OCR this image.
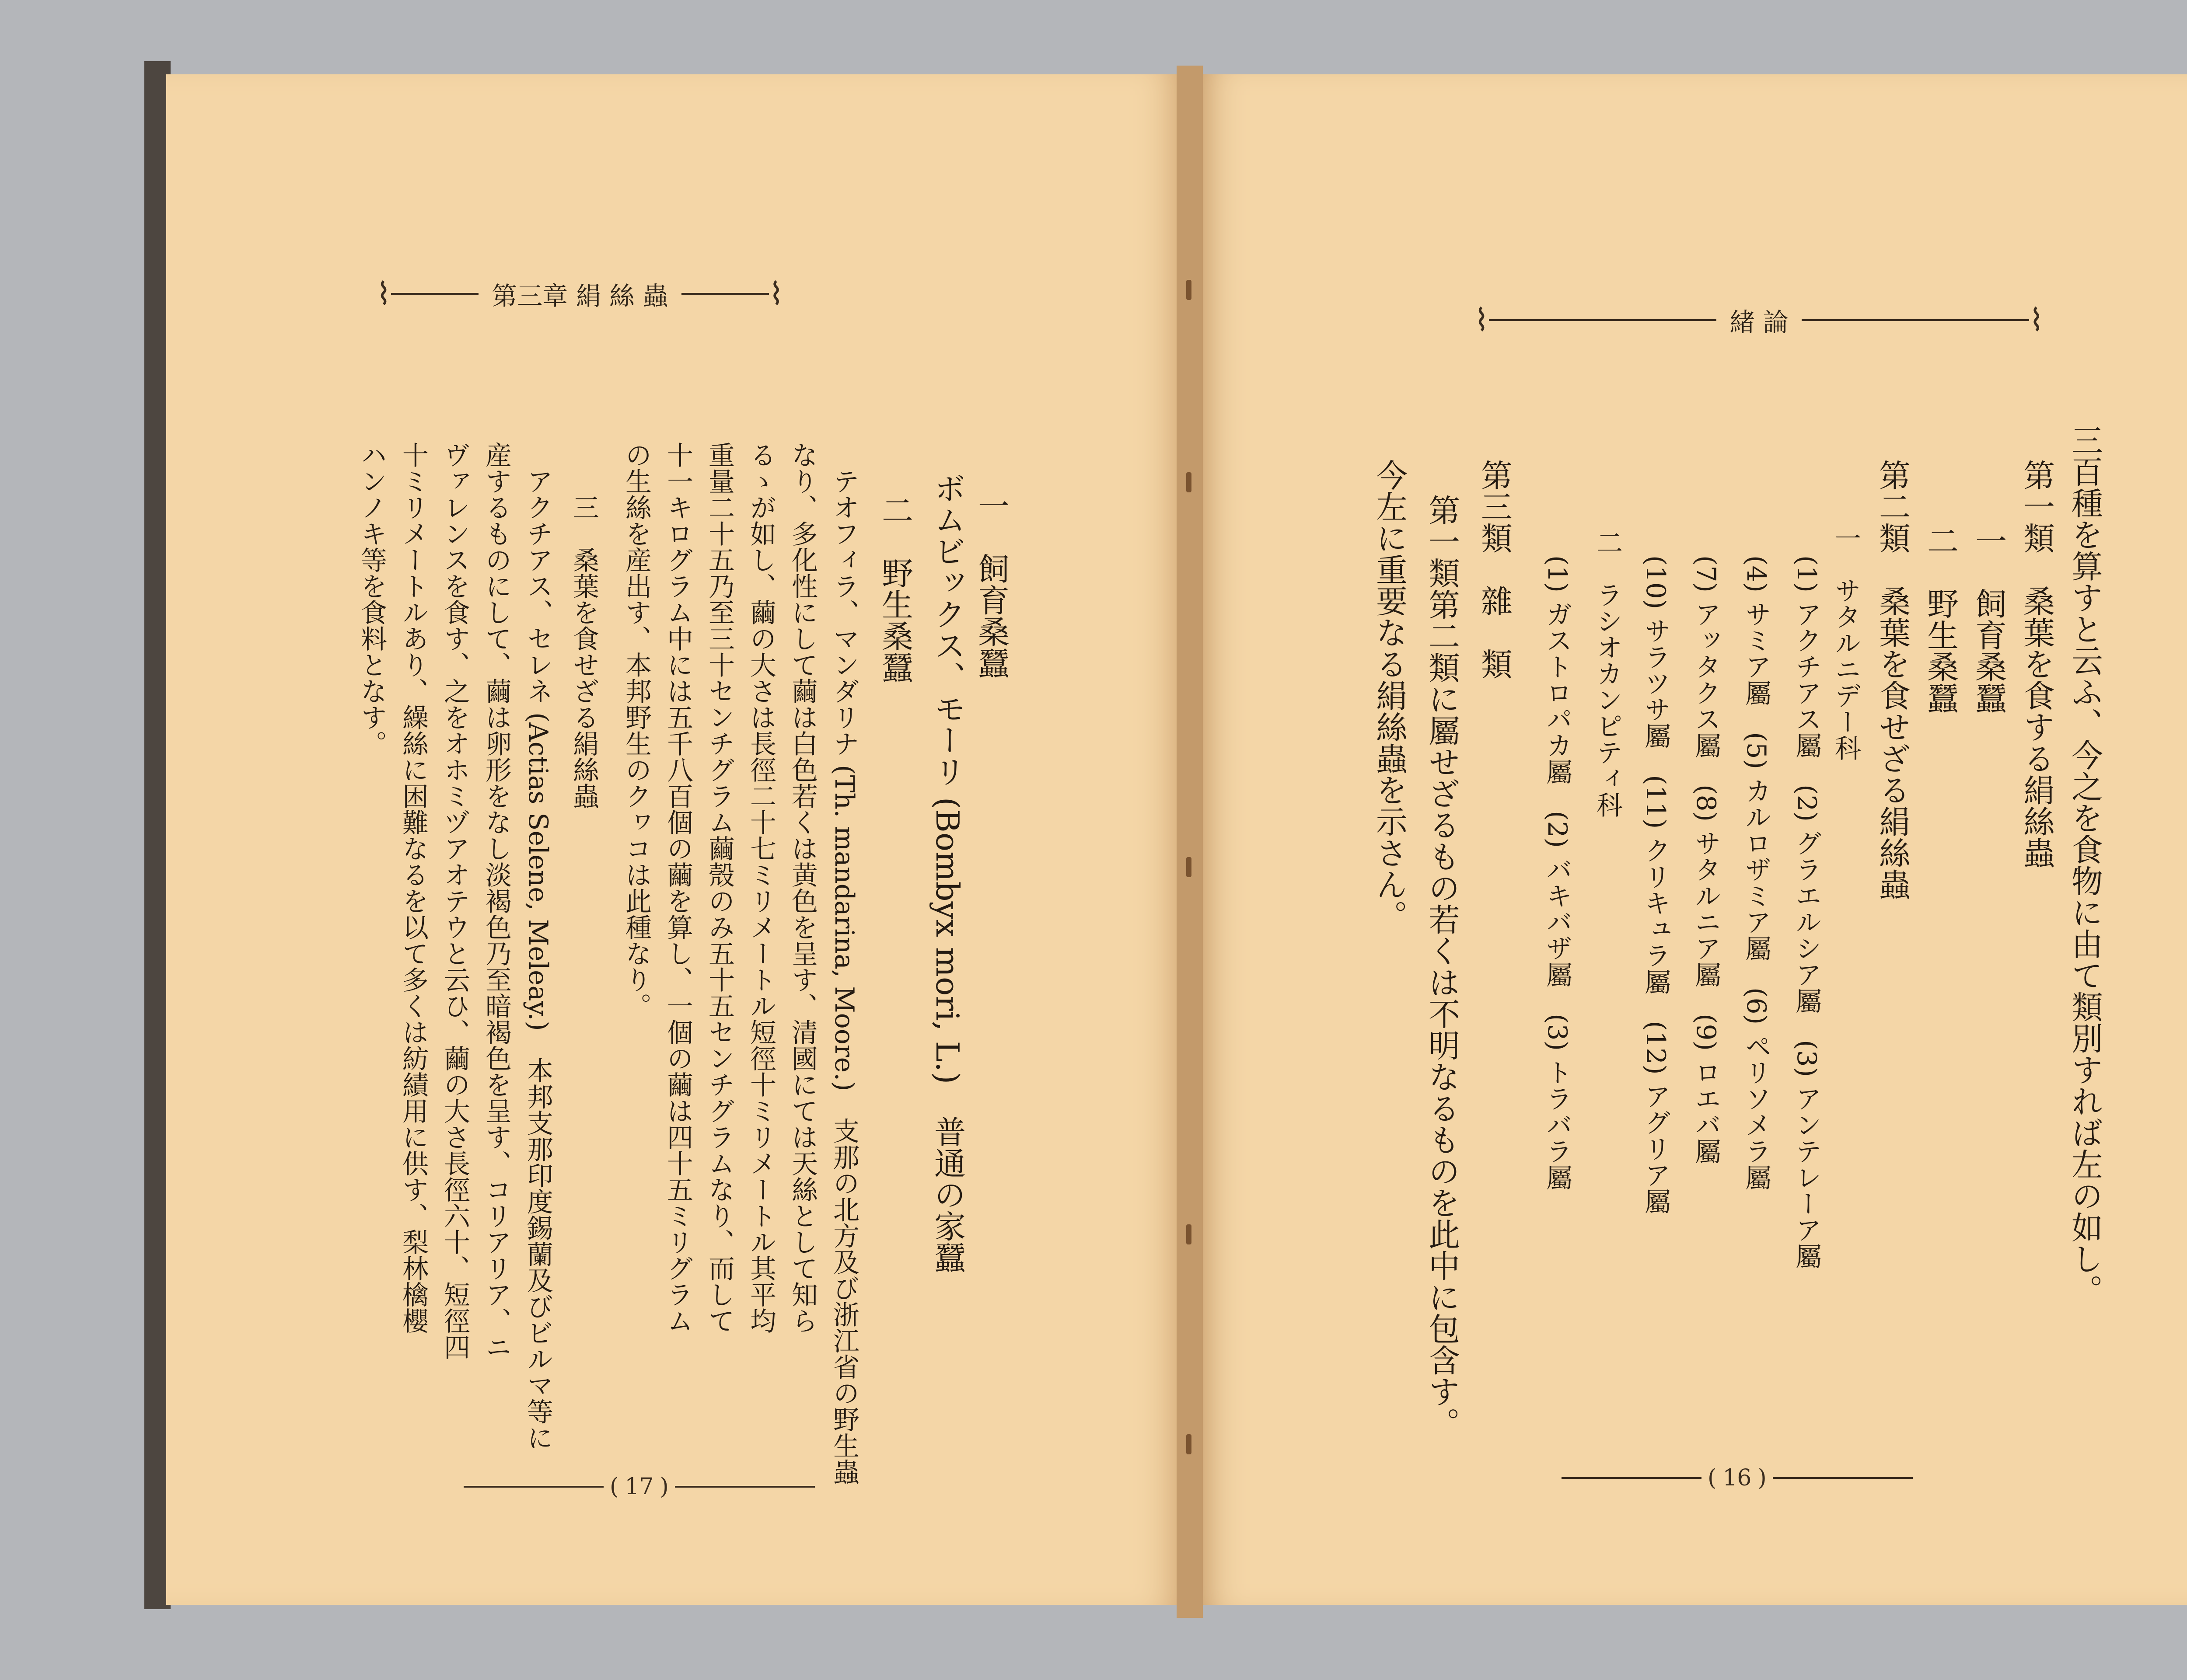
⌇	第三章 絹 絲 蟲	⌇
一　飼育桑蠶
ボムビックス、モーリ (Bombyx mori, L.)　普通の家蠶
二　野生桑蠶
テオフィラ、マンダリナ (Th. mandarina, Moore.)　支那の北方及び浙江省の野生蟲
なり、多化性にして繭は白色若くは黄色を呈す、清國にては天絲として知ら
るゝが如し、繭の大さは長徑二十七ミリメートル短徑十ミリメートル其平均
重量二十五乃至三十センチグラム繭殼のみ五十五センチグラムなり、而して
十一キログラム中には五千八百個の繭を算し、一個の繭は四十五ミリグラム
の生絲を産出す、本邦野生のクヮコは此種なり。
三　桑葉を食せざる絹絲蟲
アクチアス、セレネ (Actias Selene, Meleay.)　本邦支那印度錫蘭及びビルマ等に
産するものにして、繭は卵形をなし淡褐色乃至暗褐色を呈す、コリアリア、ニ
ヴァレンスを食す、之をオホミヅアオテウと云ひ、繭の大さ長徑六十、短徑四
十ミリメートルあり、繰絲に困難なるを以て多くは紡績用に供す、梨林檎櫻
ハンノキ等を食料となす。
( 17 )
⌇	緒 論	⌇
三百種を算すと云ふ、今之を食物に由て類別すれば左の如し。
第一類　桑葉を食する絹絲蟲
一　飼育桑蠶
二　野生桑蠶
第二類　桑葉を食せざる絹絲蟲
一　サタルニデー科
(1) アクチアス屬　(2) グラエルシア屬　(3) アンテレーア屬
(4) サミア屬　(5) カルロザミア屬　(6) ペリソメラ屬
(7) アッタクス屬　(8) サタルニア屬　(9) ロエバ屬
(10) サラツサ屬　(11) クリキュラ屬　(12) アグリア屬
二　ラシオカンピティ科
(1) ガストロパカ屬　(2) バキバザ屬　(3) トラバラ屬
第三類　雜　類
第一類第二類に屬せざるもの若くは不明なるものを此中に包含す。
今左に重要なる絹絲蟲を示さん。
( 16 )
